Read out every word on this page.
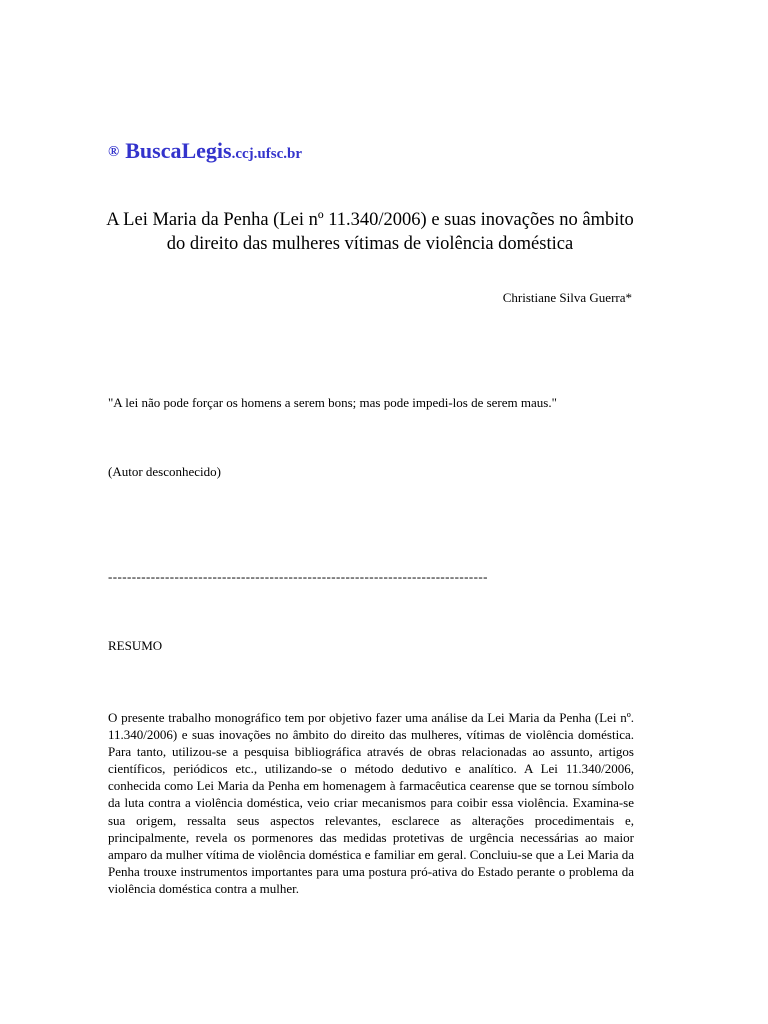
® BuscaLegis.ccj.ufsc.br
A Lei Maria da Penha (Lei nº 11.340/2006) e suas inovações no âmbito do direito das mulheres vítimas de violência doméstica
Christiane Silva Guerra*
"A lei não pode forçar os homens a serem bons; mas pode impedi-los de serem maus."
(Autor desconhecido)
--------------------------------------------------------------------------------
RESUMO
O presente trabalho monográfico tem por objetivo fazer uma análise da Lei Maria da Penha (Lei nº. 11.340/2006) e suas inovações no âmbito do direito das mulheres, vítimas de violência doméstica. Para tanto, utilizou-se a pesquisa bibliográfica através de obras relacionadas ao assunto, artigos científicos, periódicos etc., utilizando-se o método dedutivo e analítico. A Lei 11.340/2006, conhecida como Lei Maria da Penha em homenagem à farmacêutica cearense que se tornou símbolo da luta contra a violência doméstica, veio criar mecanismos para coibir essa violência. Examina-se sua origem, ressalta seus aspectos relevantes, esclarece as alterações procedimentais e, principalmente, revela os pormenores das medidas protetivas de urgência necessárias ao maior amparo da mulher vítima de violência doméstica e familiar em geral. Concluiu-se que a Lei Maria da Penha trouxe instrumentos importantes para uma postura pró-ativa do Estado perante o problema da violência doméstica contra a mulher.
